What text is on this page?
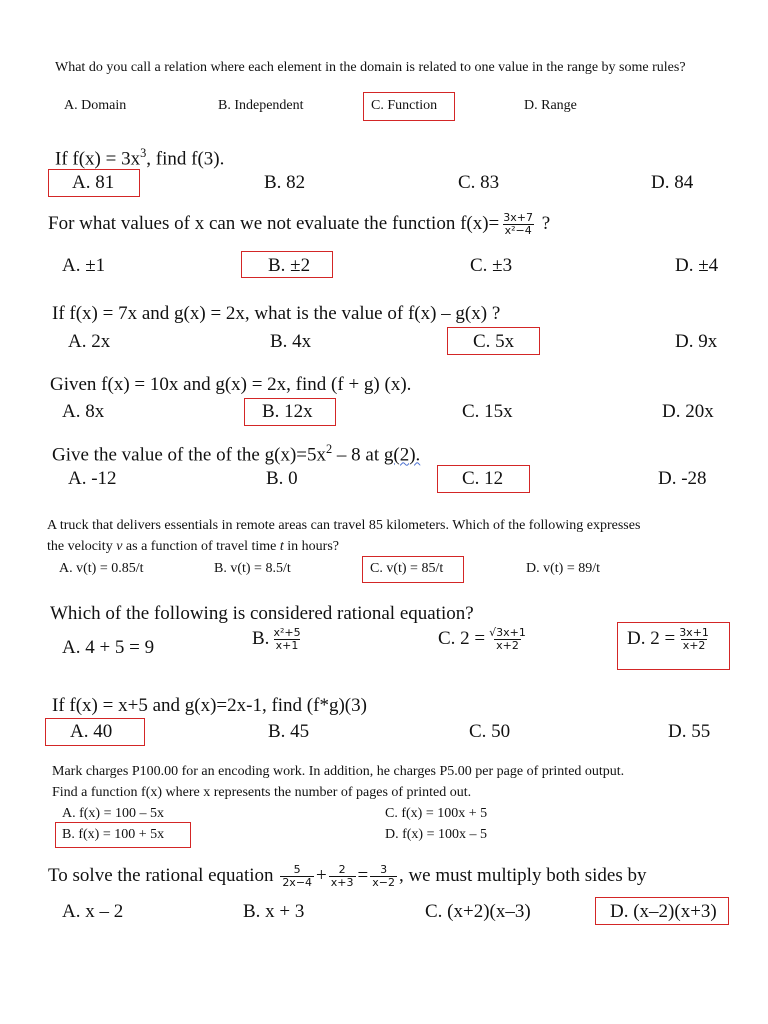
What do you call a relation where each element in the domain is related to one value in the range by some rules?
A. Domain	B. Independent	C. Function	D. Range
If $f(x) = 3x^3$, find f(3).
A. 81	B. 82	C. 83	D. 84
For what values of x can we not evaluate the function $f(x)= \frac{3x+7}{\text{x²−4}}$ ?
A. ±1	B. ±2	C. ±3	D. ±4
If f(x) = 7x and g(x) = 2x, what is the value of f(x) – g(x) ?
A. 2x	B. 4x	C. 5x	D. 9x
Given f(x) = 10x and g(x) = 2x, find (f + g) (x).
A. 8x	B. 12x	C. 15x	D. 20x
Give the value of the of the $g(x)=5x^2 - 8$ at g(2).
A. -12	B. 0	C. 12	D. -28
A truck that delivers essentials in remote areas can travel 85 kilometers. Which of the following expresses
the velocity v as a function of travel time t in hours?
A. v(t) = 0.85/t	B. v(t) = 8.5/t	C. v(t) = 85/t	D. v(t) = 89/t
Which of the following is considered rational equation?
A. 4 + 5 = 9	B. $\frac{\text{x²+5}}{x+1}$	C. $2 = \frac{√3x+1}{x+2}$	D. $2 = \frac{3x+1}{x+2}$
If f(x) = x+5 and g(x)=2x-1, find (f*g)(3)
A. 40	B. 45	C. 50	D. 55
Mark charges P100.00 for an encoding work. In addition, he charges P5.00 per page of printed output.
Find a function f(x) where x represents the number of pages of printed out.
A. f(x) = 100 – 5x	C. f(x) = 100x + 5
B. f(x) = 100 + 5x	D. f(x) = 100x – 5
To solve the rational equation $\frac{5}{2x-4} + \frac{2}{x+3} = \frac{3}{x-2}$ , we must multiply both sides by
A. x – 2	B. x + 3	C. (x+2)(x–3)	D. (x–2)(x+3)
